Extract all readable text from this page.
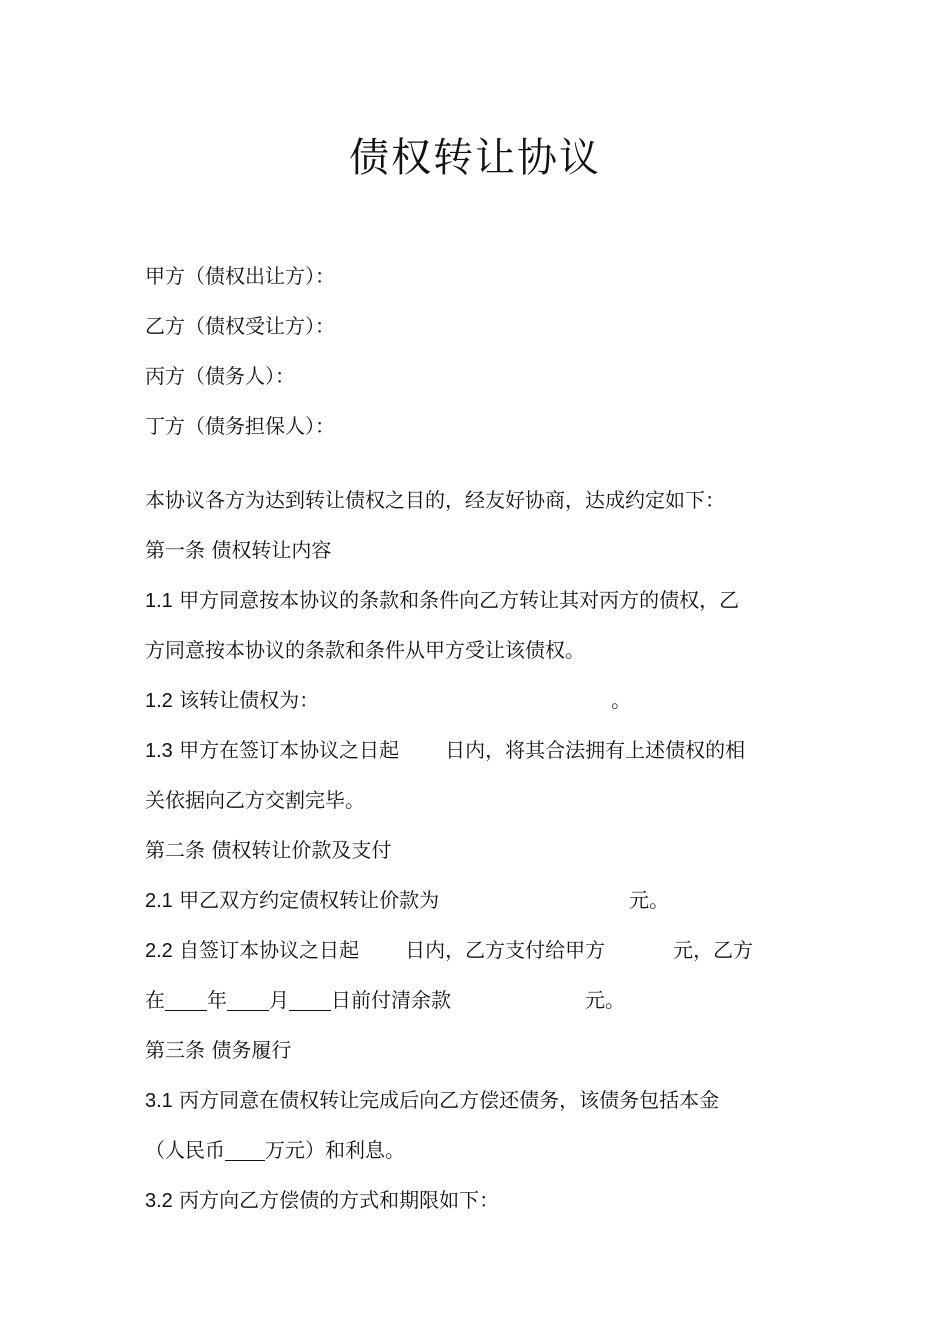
债权转让协议
甲方（债权出让方）：
乙方（债权受让方）：
丙方（债务人）：
丁方（债务担保人）：
本协议各方为达到转让债权之目的，经友好协商，达成约定如下：
第一条 债权转让内容
1.1 甲方同意按本协议的条款和条件向乙方转让其对丙方的债权，乙
方同意按本协议的条款和条件从甲方受让该债权。
1.2 该转让债权为：	。
1.3 甲方在签订本协议之日起 日内，将其合法拥有上述债权的相
关依据向乙方交割完毕。
第二条 债权转让价款及支付
2.1 甲乙双方约定债权转让价款为	元。
2.2 自签订本协议之日起 日内，乙方支付给甲方	元，乙方
在 年 月 日前付清余款	元。
第三条 债务履行
3.1 丙方同意在债权转让完成后向乙方偿还债务，该债务包括本金
（人民币 万元）和利息。
3.2 丙方向乙方偿债的方式和期限如下：
